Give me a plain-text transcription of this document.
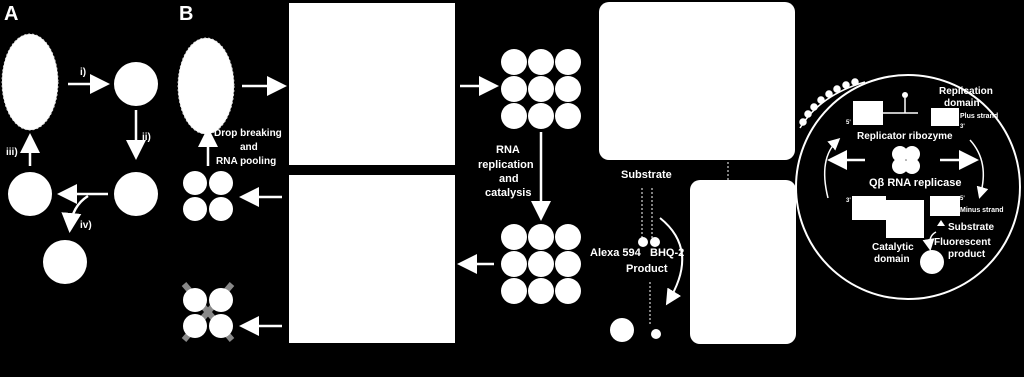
A
i)
ii)
iii)
iv)
B
Drop breaking
and
RNA pooling
RNA
replication
and
catalysis
Substrate
Alexa 594 BHQ-2
Product
Replication
domain
Plus strand
5'
3'
Replicator ribozyme
Qβ RNA replicase
3'	5'
Minus strand
Catalytic
domain
Substrate
Fluorescent
product
